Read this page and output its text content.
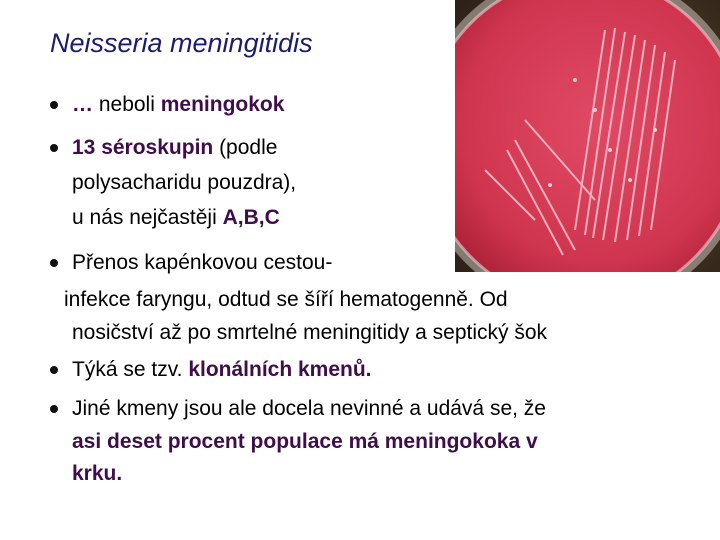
Neisseria meningitidis
… neboli meningokok
13 séroskupin (podle
polysacharidu pouzdra),
u nás nejčastěji A,B,C
Přenos kapénkovou cestou-
infekce faryngu, odtud se šíří hematogenně. Od
nosičství až po smrtelné meningitidy a septický šok
Týká se tzv. klonálních kmenů.
Jiné kmeny jsou ale docela nevinné a udává se, že
asi deset procent populace má meningokoka v
krku.
